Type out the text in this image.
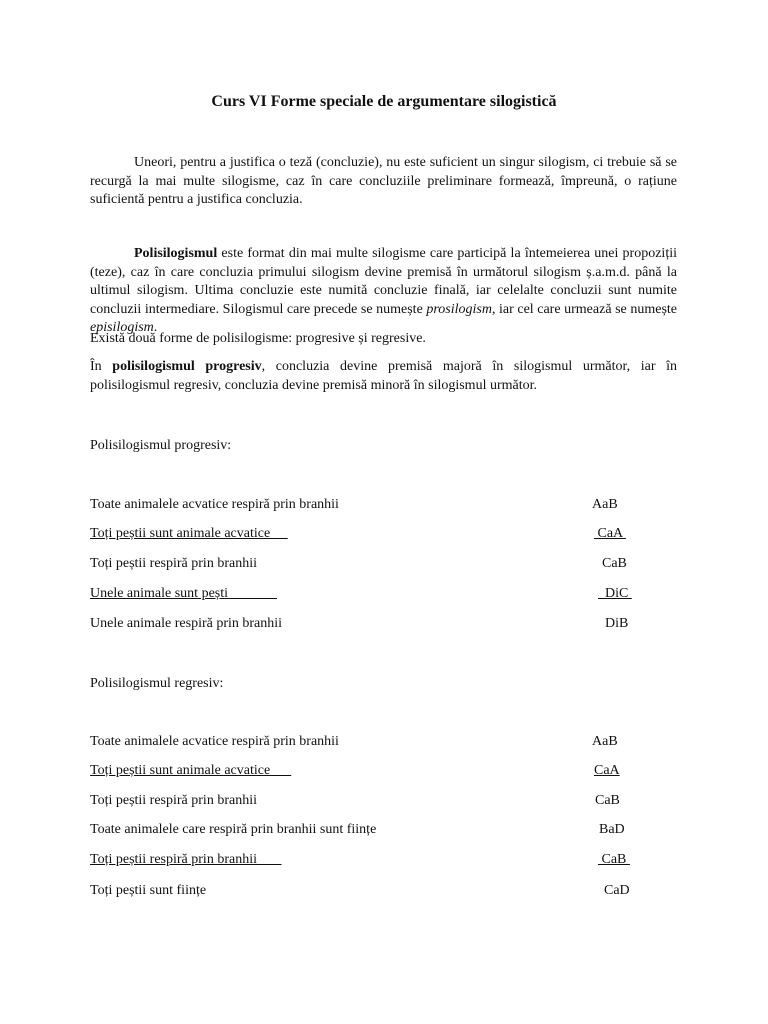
Curs VI Forme speciale de argumentare silogistică

Uneori, pentru a justifica o teză (concluzie), nu este suficient un singur silogism, ci trebuie să se recurgă la mai multe silogisme, caz în care concluziile preliminare formează, împreună, o rațiune suficientă pentru a justifica concluzia.

Polisilogismul este format din mai multe silogisme care participă la întemeierea unei propoziții (teze), caz în care concluzia primului silogism devine premisă în următorul silogism ș.a.m.d. până la ultimul silogism. Ultima concluzie este numită concluzie finală, iar celelalte concluzii sunt numite concluzii intermediare. Silogismul care precede se numește prosilogism, iar cel care urmează se numește episilogism.

Există două forme de polisilogisme: progresive și regresive.

În polisilogismul progresiv, concluzia devine premisă majoră în silogismul următor, iar în polisilogismul regresiv, concluzia devine premisă minoră în silogismul următor.

Polisilogismul progresiv:
Toate animalele acvatice respiră prin branhii	AaB
Toți peștii sunt animale acvatice	CaA
Toți peștii respiră prin branhii	CaB
Unele animale sunt pești	DiC
Unele animale respiră prin branhii	DiB
Polisilogismul regresiv:
Toate animalele acvatice respiră prin branhii	AaB
Toți peștii sunt animale acvatice	CaA
Toți peștii respiră prin branhii	CaB
Toate animalele care respiră prin branhii sunt ființe	BaD
Toți peștii respiră prin branhii	CaB
Toți peștii sunt ființe	CaD
